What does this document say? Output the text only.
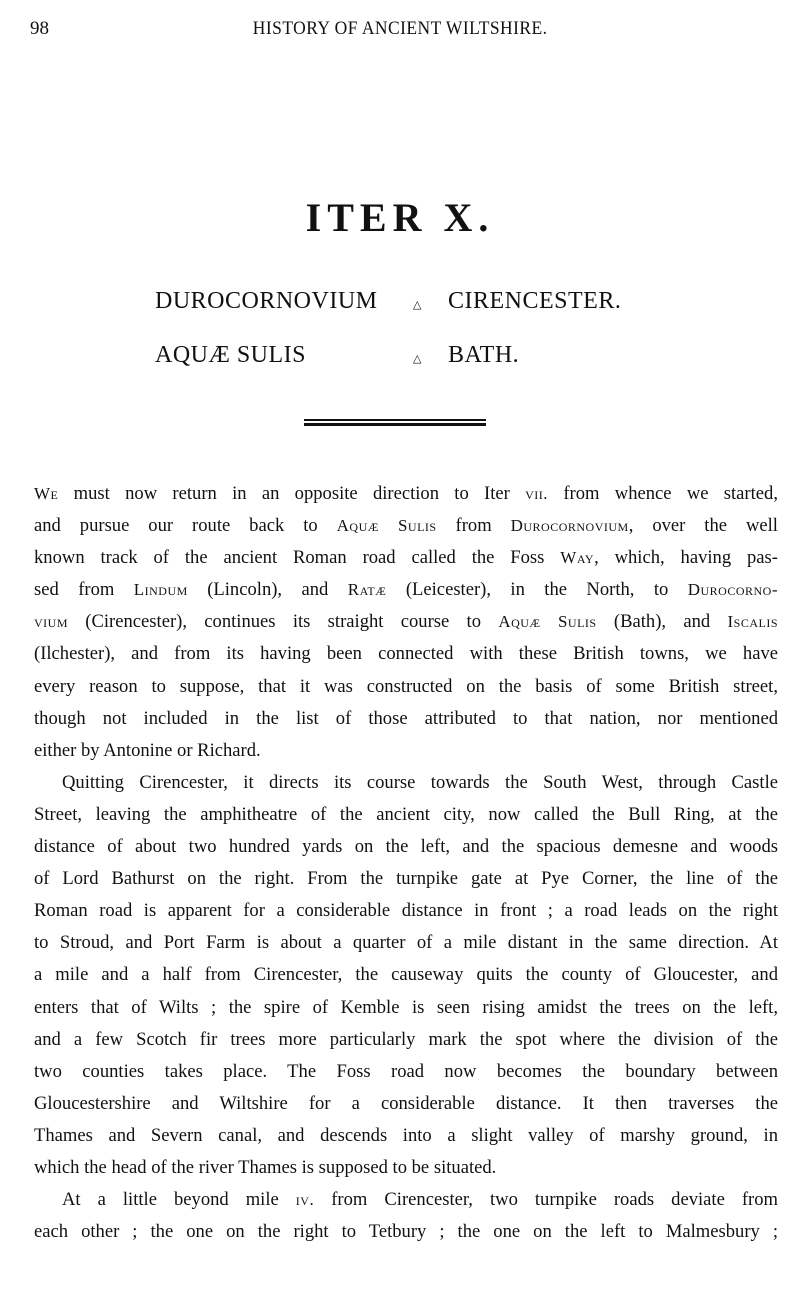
98	HISTORY OF ANCIENT WILTSHIRE.
ITER X.
DUROCORNOVIUM	△ CIRENCESTER.
AQUÆ SULIS	△ BATH.
We must now return in an opposite direction to Iter vii. from whence we started,
and pursue our route back to Aquæ Sulis from Durocornovium, over the well
known track of the ancient Roman road called the Foss Way, which, having pas-
sed from Lindum (Lincoln), and Ratæ (Leicester), in the North, to Durocorno-
vium (Cirencester), continues its straight course to Aquæ Sulis (Bath), and Iscalis
(Ilchester), and from its having been connected with these British towns, we have
every reason to suppose, that it was constructed on the basis of some British street,
though not included in the list of those attributed to that nation, nor mentioned
either by Antonine or Richard.
Quitting Cirencester, it directs its course towards the South West, through Castle
Street, leaving the amphitheatre of the ancient city, now called the Bull Ring, at the
distance of about two hundred yards on the left, and the spacious demesne and woods
of Lord Bathurst on the right. From the turnpike gate at Pye Corner, the line of the
Roman road is apparent for a considerable distance in front ; a road leads on the right
to Stroud, and Port Farm is about a quarter of a mile distant in the same direction. At
a mile and a half from Cirencester, the causeway quits the county of Gloucester, and
enters that of Wilts ; the spire of Kemble is seen rising amidst the trees on the left,
and a few Scotch fir trees more particularly mark the spot where the division of the
two counties takes place. The Foss road now becomes the boundary between
Gloucestershire and Wiltshire for a considerable distance. It then traverses the
Thames and Severn canal, and descends into a slight valley of marshy ground, in
which the head of the river Thames is supposed to be situated.
At a little beyond mile iv. from Cirencester, two turnpike roads deviate from
each other ; the one on the right to Tetbury ; the one on the left to Malmesbury ;
